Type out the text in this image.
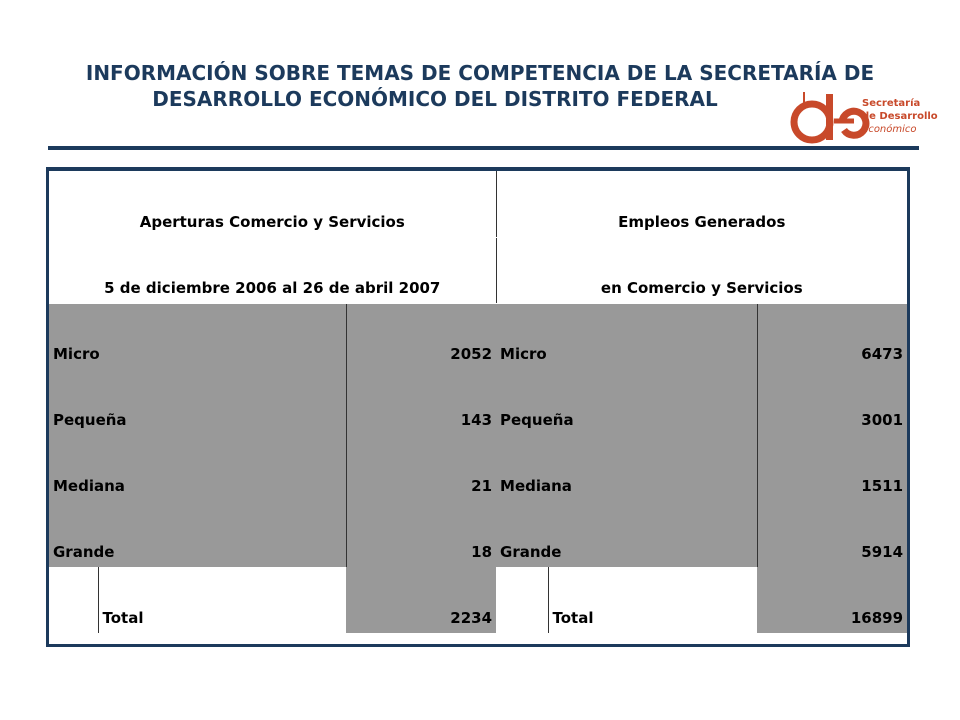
INFORMACIÓN SOBRE TEMAS DE COMPETENCIA DE LA SECRETARÍA DE
DESARROLLO ECONÓMICO DEL DISTRITO FEDERAL	Secretaría
de Desarrollo
Económico
Aperturas Comercio y Servicios			Empleos Generados		
5 de diciembre 2006 al 26 de abril 2007			en Comercio y Servicios		
Micro		2052	Micro		6473
Pequeña		143	Pequeña		3001
Mediana		21	Mediana		1511
Grande		18	Grande		5914
	Total	2234		Total	16899
